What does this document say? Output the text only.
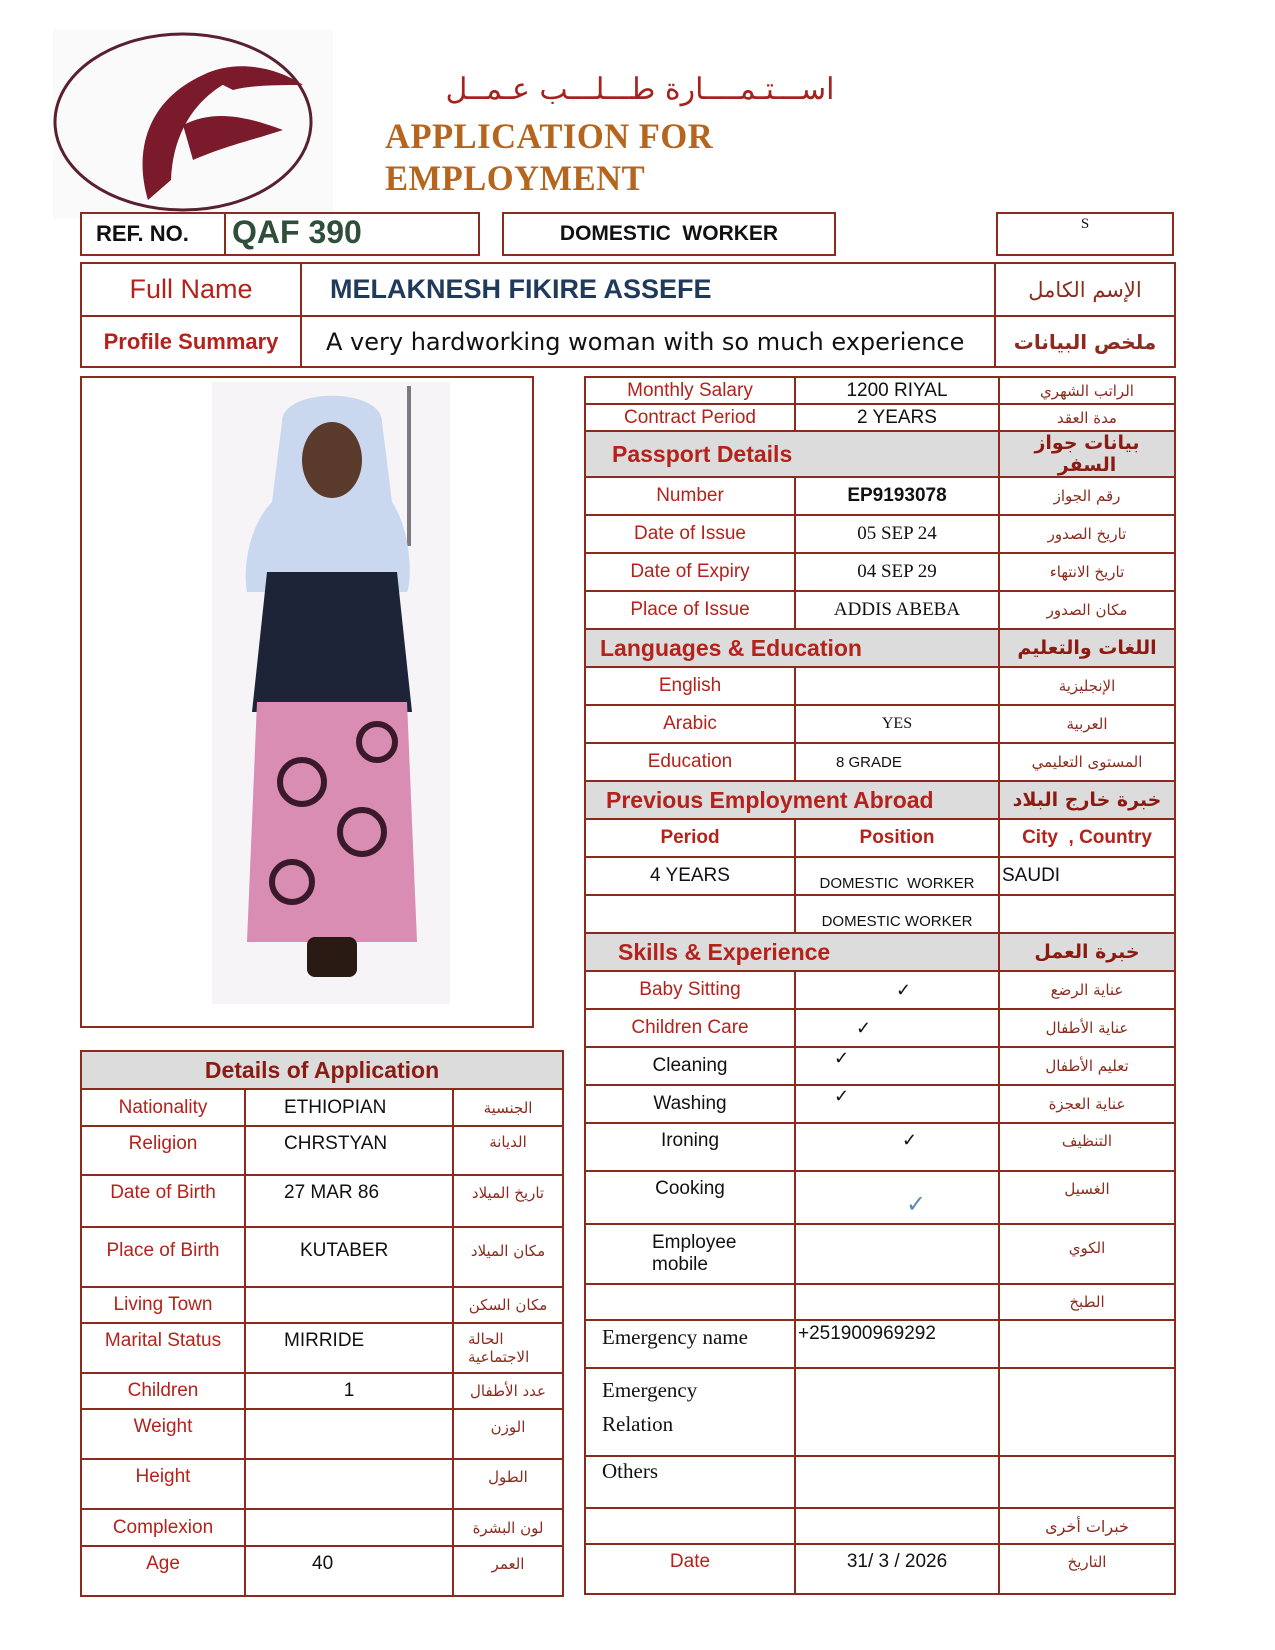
اســـتـمــــارة طـــلـــب عـمــل
APPLICATION FOR EMPLOYMENT
REF. NO.	QAF 390	DOMESTIC  WORKER	S
Full Name	MELAKNESH FIKIRE ASSEFE	الإسم الكامل
Profile Summary	A very hardworking woman with so much experience	ملخص البيانات
Monthly Salary	1200 RIYAL	الراتب الشهري
Contract Period	2 YEARS	مدة العقد
Passport Details		بيانات جواز السفر
Number	EP9193078	رقم الجواز
Date of Issue	05 SEP 24	تاريخ الصدور
Date of Expiry	04 SEP 29	تاريخ الانتهاء
Place of Issue	ADDIS ABEBA	مكان الصدور
Languages & Education		اللغات والتعليم
English		الإنجليزية
Arabic	YES	العربية
Education	8 GRADE	المستوى التعليمي
Previous Employment Abroad		خبرة خارج البلاد
Period	Position	City  , Country
4 YEARS	DOMESTIC  WORKER	SAUDI
	DOMESTIC WORKER	
Skills & Experience		خبرة العمل
Baby Sitting	✓	عناية الرضع
Children Care	✓	عناية الأطفال
Cleaning	✓	تعليم الأطفال
Washing	✓	عناية العجزة
Ironing	✓	التنظيف
Cooking	✓	الغسيل
Employee mobile		الكوي
		الطبخ
Emergency name	+251900969292	

Emergency
Relation		

Others		
		خبرات أخرى
Date	31/ 3 / 2026	التاريخ
Details of Application		
Nationality	ETHIOPIAN	الجنسية
Religion	CHRSTYAN	الديانة
Date of Birth	27 MAR 86	تاريخ الميلاد
Place of Birth	KUTABER	مكان الميلاد
Living Town		مكان السكن
Marital Status	MIRRIDE	الحالة الاجتماعية
Children	1	عدد الأطفال
Weight		الوزن
Height		الطول
Complexion		لون البشرة
Age	40	العمر
